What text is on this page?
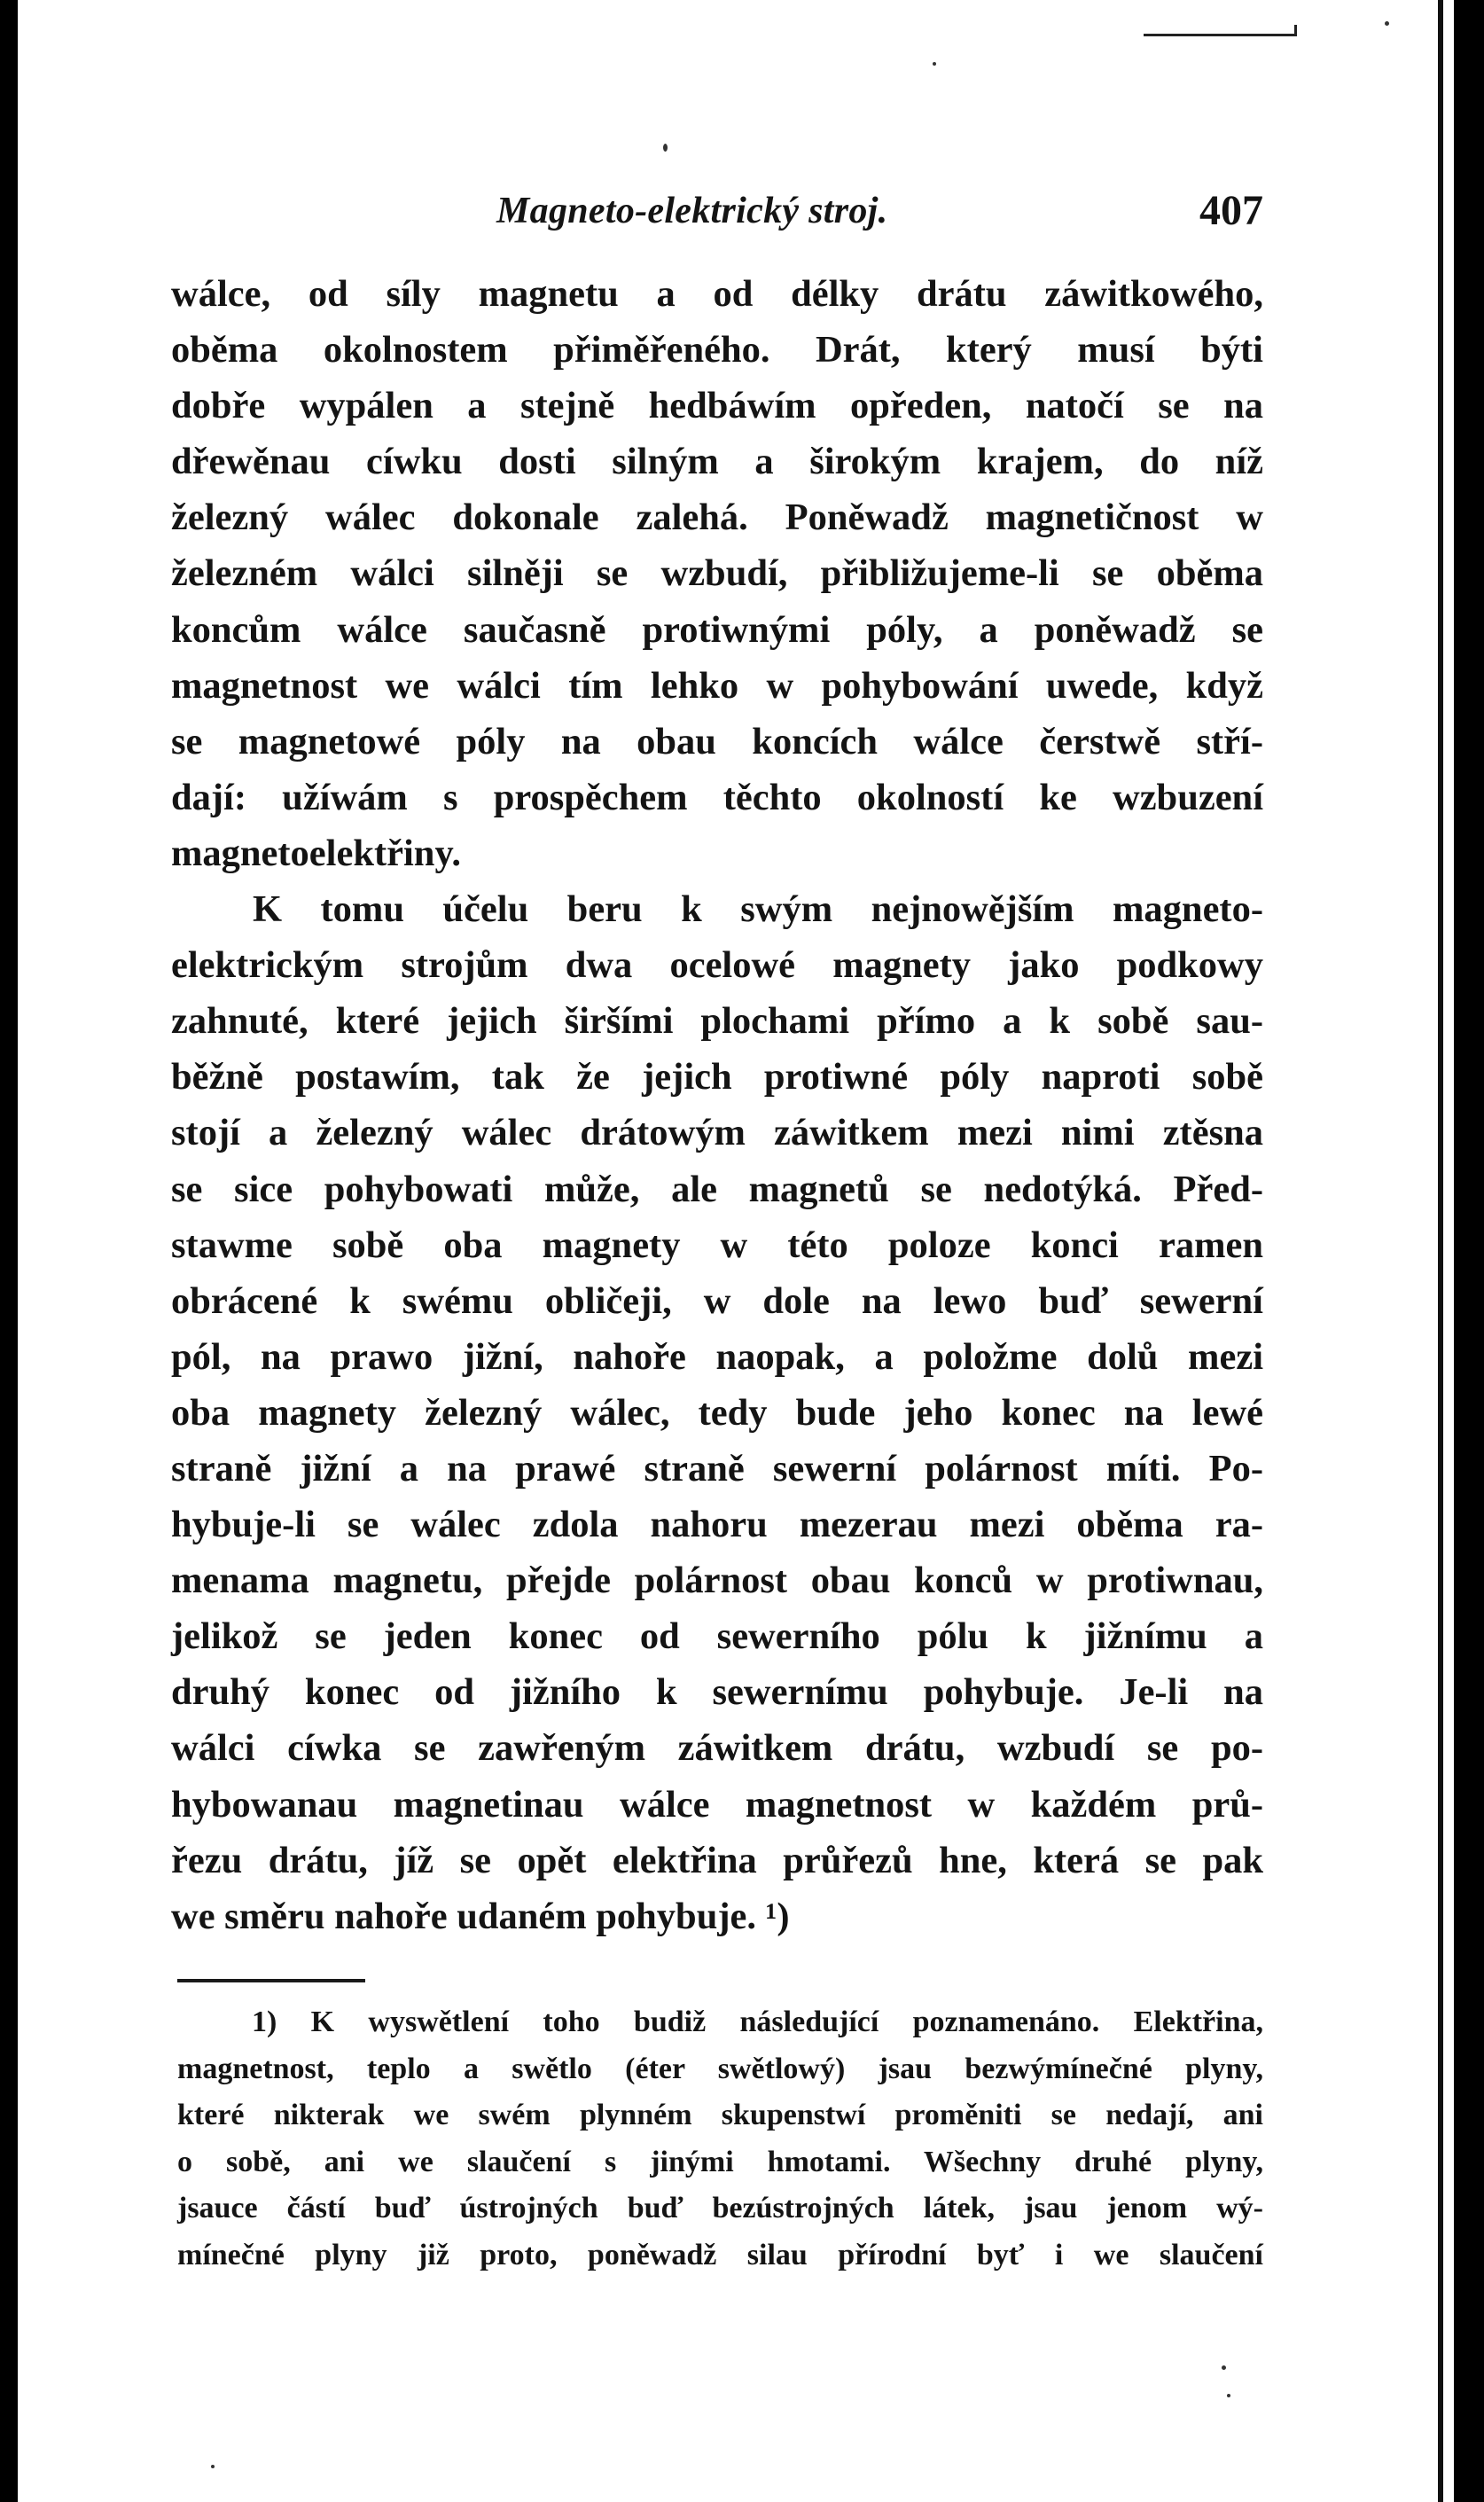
Magneto-elektrický stroj.	407
wálce, od síly magnetu a od délky drátu záwitkowého,
oběma okolnostem přiměřeného. Drát, který musí býti
dobře wypálen a stejně hedbáwím opředen, natočí se na
dřewěnau cíwku dosti silným a širokým krajem, do níž
železný wálec dokonale zalehá. Poněwadž magnetičnost w
železném wálci silněji se wzbudí, přibližujeme-li se oběma
koncům wálce saučasně protiwnými póly, a poněwadž se
magnetnost we wálci tím lehko w pohybowání uwede, když
se magnetowé póly na obau koncích wálce čerstwě stří-
dají: užíwám s prospěchem těchto okolností ke wzbuzení
magnetoelektřiny.
K tomu účelu beru k swým nejnowějším magneto-
elektrickým strojům dwa ocelowé magnety jako podkowy
zahnuté, které jejich širšími plochami přímo a k sobě sau-
běžně postawím, tak že jejich protiwné póly naproti sobě
stojí a železný wálec drátowým záwitkem mezi nimi ztěsna
se sice pohybowati může, ale magnetů se nedotýká. Před-
stawme sobě oba magnety w této poloze konci ramen
obrácené k swému obličeji, w dole na lewo buď sewerní
pól, na prawo jižní, nahoře naopak, a položme dolů mezi
oba magnety železný wálec, tedy bude jeho konec na lewé
straně jižní a na prawé straně sewerní polárnost míti. Po-
hybuje-li se wálec zdola nahoru mezerau mezi oběma ra-
menama magnetu, přejde polárnost obau konců w protiwnau,
jelikož se jeden konec od sewerního pólu k jižnímu a
druhý konec od jižního k sewernímu pohybuje. Je-li na
wálci cíwka se zawřeným záwitkem drátu, wzbudí se po-
hybowanau magnetinau wálce magnetnost w každém prů-
řezu drátu, jíž se opět elektřina průřezů hne, která se pak
we směru nahoře udaném pohybuje. ¹)
1) K wyswětlení toho budiž následující poznamenáno. Elektřina,
magnetnost, teplo a swětlo (éter swětlowý) jsau bezwýmínečné plyny,
které nikterak we swém plynném skupenstwí proměniti se nedají, ani
o sobě, ani we slaučení s jinými hmotami. Wšechny druhé plyny,
jsauce částí buď ústrojných buď bezústrojných látek, jsau jenom wý-
mínečné plyny již proto, poněwadž silau přírodní byť i we slaučení
